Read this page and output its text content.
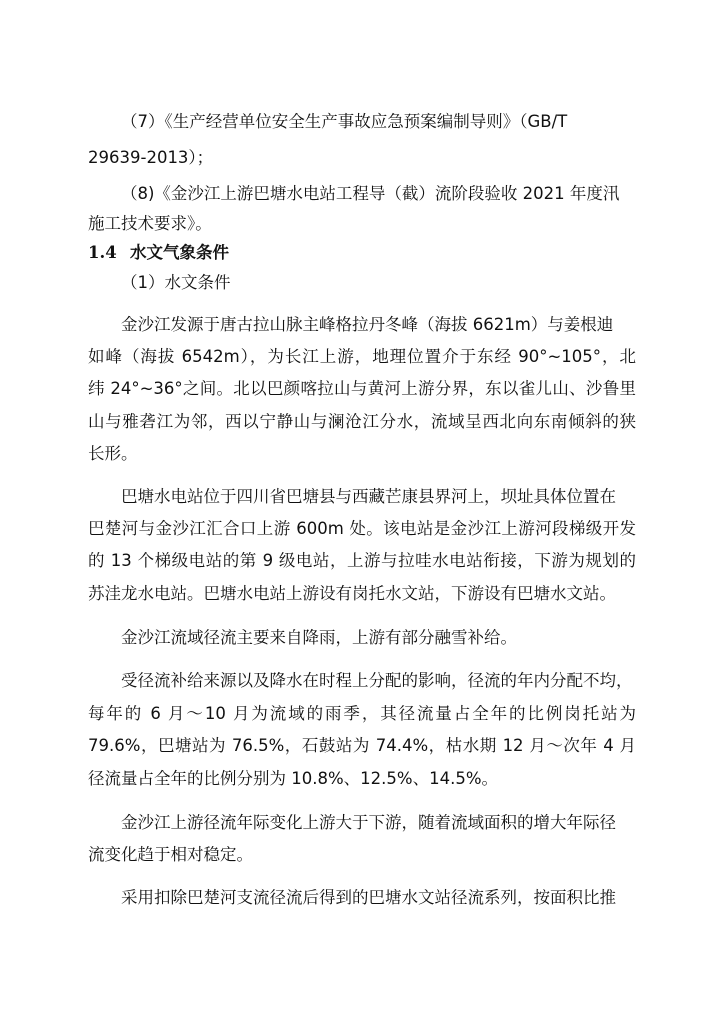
（7）《生产经营单位安全生产事故应急预案编制导则》（GB/T
29639-2013）；
（8)《金沙江上游巴塘水电站工程导（截）流阶段验收 2021 年度汛
施工技术要求》。
1.4 水文气象条件
（1）水文条件
金沙江发源于唐古拉山脉主峰格拉丹冬峰（海拔 6621m）与姜根迪
如峰（海拔 6542m），为长江上游，地理位置介于东经 90°~105°，北
纬 24°~36°之间。北以巴颜喀拉山与黄河上游分界，东以雀儿山、沙鲁里
山与雅砻江为邻，西以宁静山与澜沧江分水，流域呈西北向东南倾斜的狭
长形。
巴塘水电站位于四川省巴塘县与西藏芒康县界河上，坝址具体位置在
巴楚河与金沙江汇合口上游 600m 处。该电站是金沙江上游河段梯级开发
的 13 个梯级电站的第 9 级电站，上游与拉哇水电站衔接，下游为规划的
苏洼龙水电站。巴塘水电站上游设有岗托水文站，下游设有巴塘水文站。
金沙江流域径流主要来自降雨，上游有部分融雪补给。
受径流补给来源以及降水在时程上分配的影响，径流的年内分配不均，
每年的 6 月～10 月为流域的雨季，其径流量占全年的比例岗托站为
79.6%，巴塘站为 76.5%，石鼓站为 74.4%，枯水期 12 月～次年 4 月
径流量占全年的比例分别为 10.8%、12.5%、14.5%。
金沙江上游径流年际变化上游大于下游，随着流域面积的增大年际径
流变化趋于相对稳定。
采用扣除巴楚河支流径流后得到的巴塘水文站径流系列，按面积比推
